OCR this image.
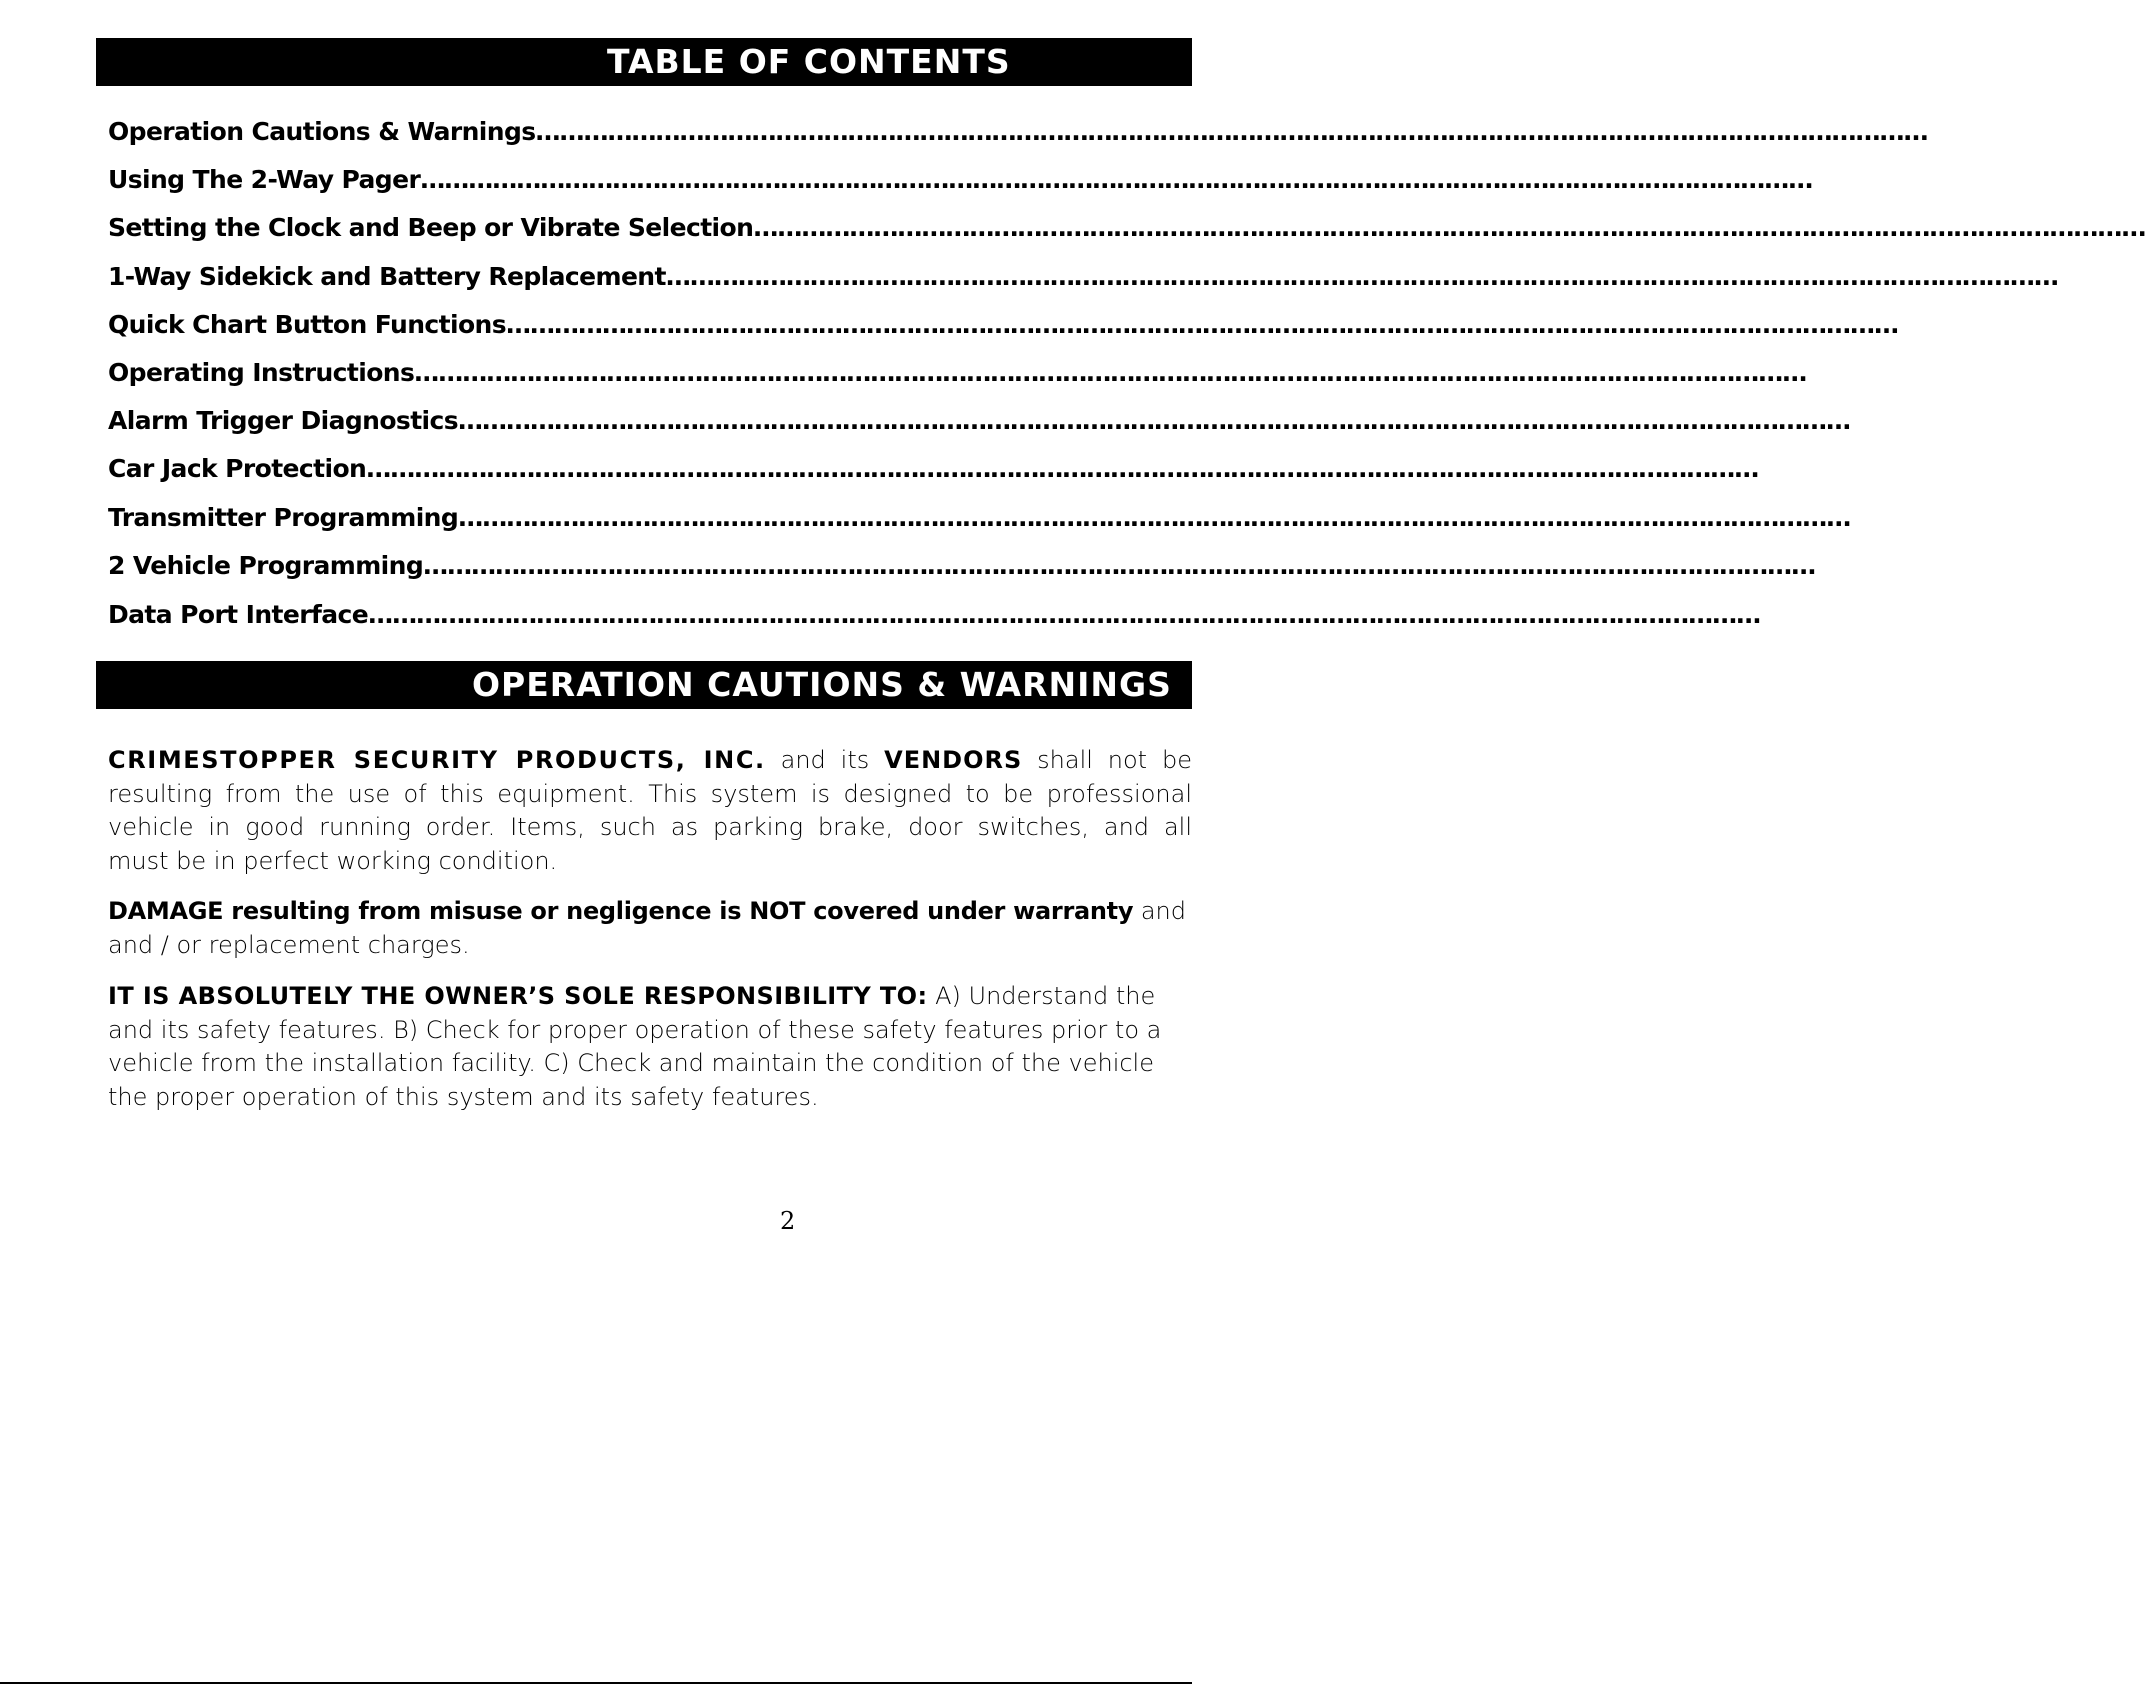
TABLE OF CONTENTS
Operation Cautions & Warnings…………………………………………………………………………………………………………………………………………………………
Using The 2-Way Pager…………………………………………………………………………………………………………………………………………………………
Setting the Clock and Beep or Vibrate Selection…………………………………………………………………………………………………………………………………………………………
1-Way Sidekick and Battery Replacement…………………………………………………………………………………………………………………………………………………………
Quick Chart Button Functions…………………………………………………………………………………………………………………………………………………………
Operating Instructions…………………………………………………………………………………………………………………………………………………………
Alarm Trigger Diagnostics…………………………………………………………………………………………………………………………………………………………
Car Jack Protection…………………………………………………………………………………………………………………………………………………………
Transmitter Programming…………………………………………………………………………………………………………………………………………………………
2 Vehicle Programming…………………………………………………………………………………………………………………………………………………………
Data Port Interface…………………………………………………………………………………………………………………………………………………………
OPERATION CAUTIONS & WARNINGS
CRIMESTOPPER SECURITY PRODUCTS, INC. and its VENDORS shall not be
resulting from the use of this equipment. This system is designed to be professional
vehicle in good running order. Items, such as parking brake, door switches, and all
must be in perfect working condition.
DAMAGE resulting from misuse or negligence is NOT covered under warranty and
and / or replacement charges.
IT IS ABSOLUTELY THE OWNER’S SOLE RESPONSIBILITY TO: A) Understand the
and its safety features. B) Check for proper operation of these safety features prior to a
vehicle from the installation facility. C) Check and maintain the condition of the vehicle
the proper operation of this system and its safety features.
2
